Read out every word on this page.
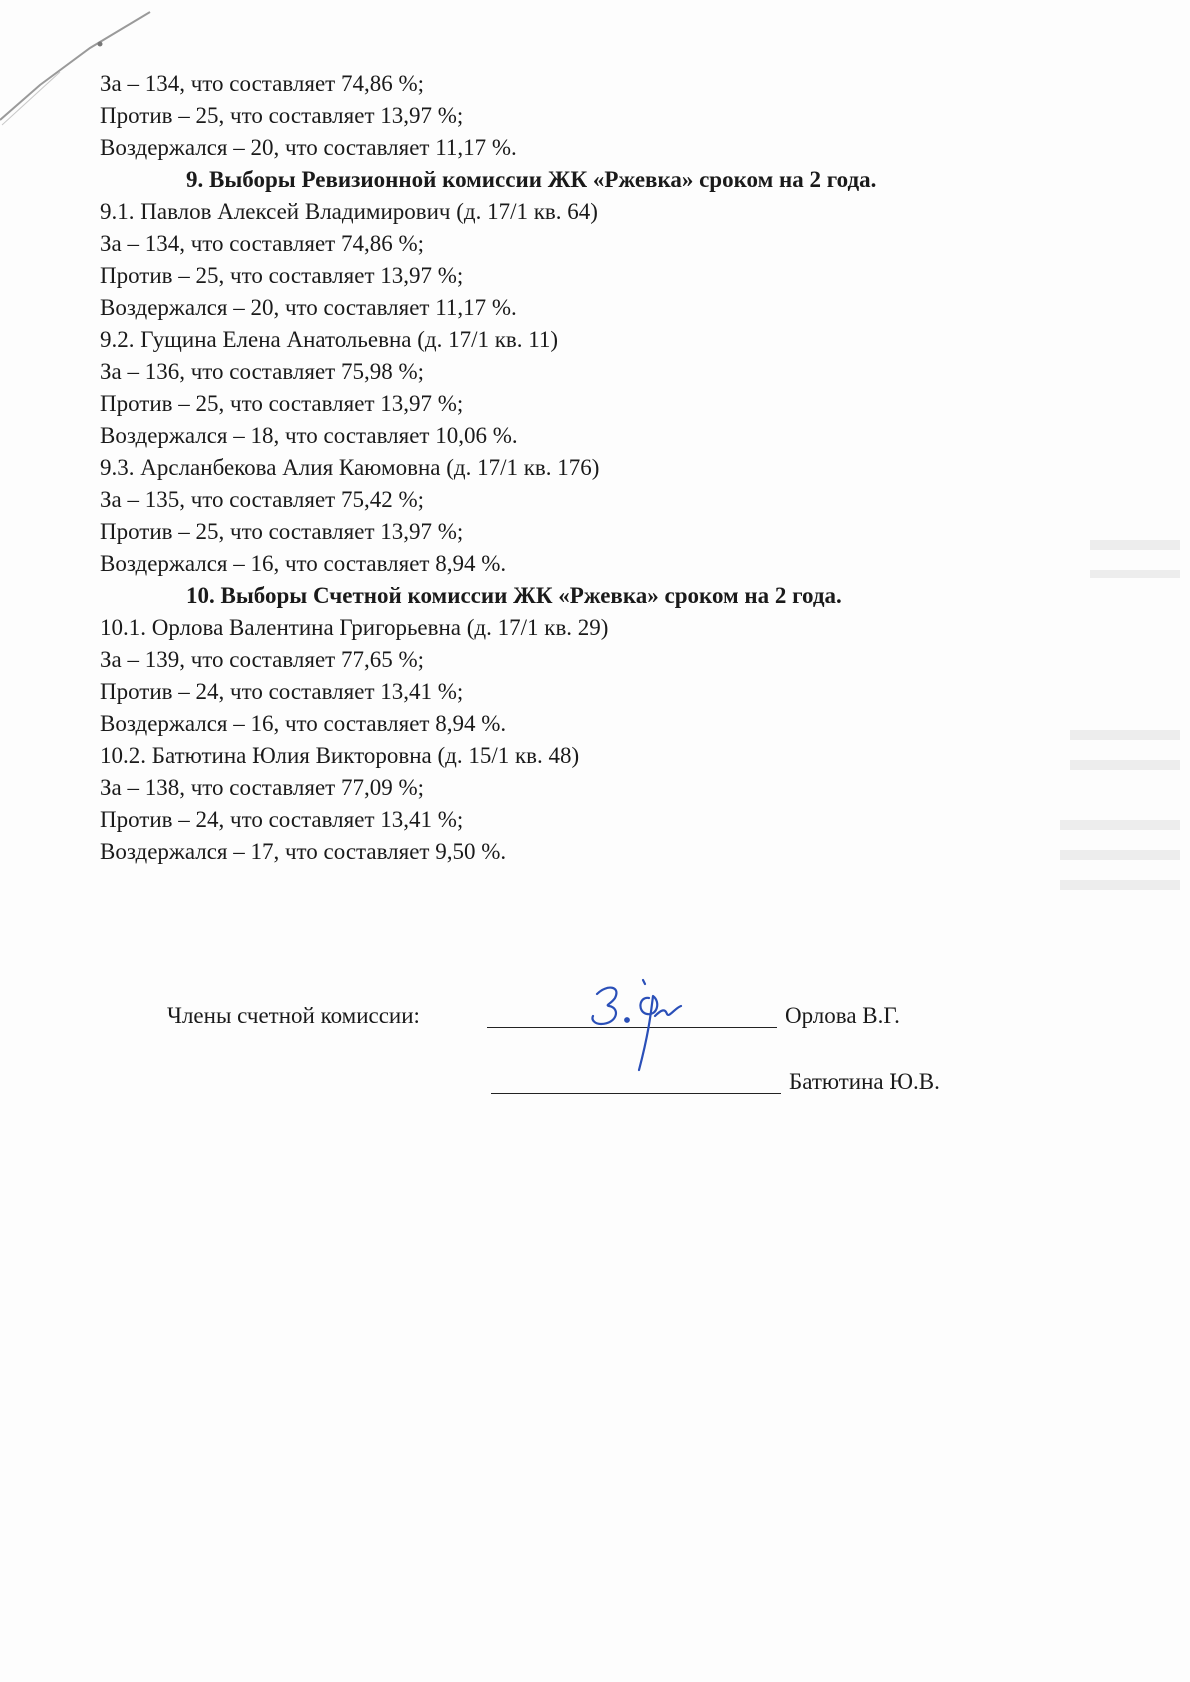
За – 134, что составляет 74,86 %;
Против – 25, что составляет 13,97 %;
Воздержался – 20, что составляет 11,17 %.
9. Выборы Ревизионной комиссии ЖК «Ржевка» сроком на 2 года.
9.1. Павлов Алексей Владимирович (д. 17/1 кв. 64)
За – 134, что составляет 74,86 %;
Против – 25, что составляет 13,97 %;
Воздержался – 20, что составляет 11,17 %.
9.2. Гущина Елена Анатольевна (д. 17/1 кв. 11)
За – 136, что составляет 75,98 %;
Против – 25, что составляет 13,97 %;
Воздержался – 18, что составляет 10,06 %.
9.3. Арсланбекова Алия Каюмовна (д. 17/1 кв. 176)
За – 135, что составляет 75,42 %;
Против – 25, что составляет 13,97 %;
Воздержался – 16, что составляет 8,94 %.
10. Выборы Счетной комиссии ЖК «Ржевка» сроком на 2 года.
10.1. Орлова Валентина Григорьевна (д. 17/1 кв. 29)
За – 139, что составляет 77,65 %;
Против – 24, что составляет 13,41 %;
Воздержался – 16, что составляет 8,94 %.
10.2. Батютина Юлия Викторовна (д. 15/1 кв. 48)
За – 138, что составляет 77,09 %;
Против – 24, что составляет 13,41 %;
Воздержался – 17, что составляет 9,50 %.
Члены счетной комиссии:	Орлова В.Г.
Батютина Ю.В.
